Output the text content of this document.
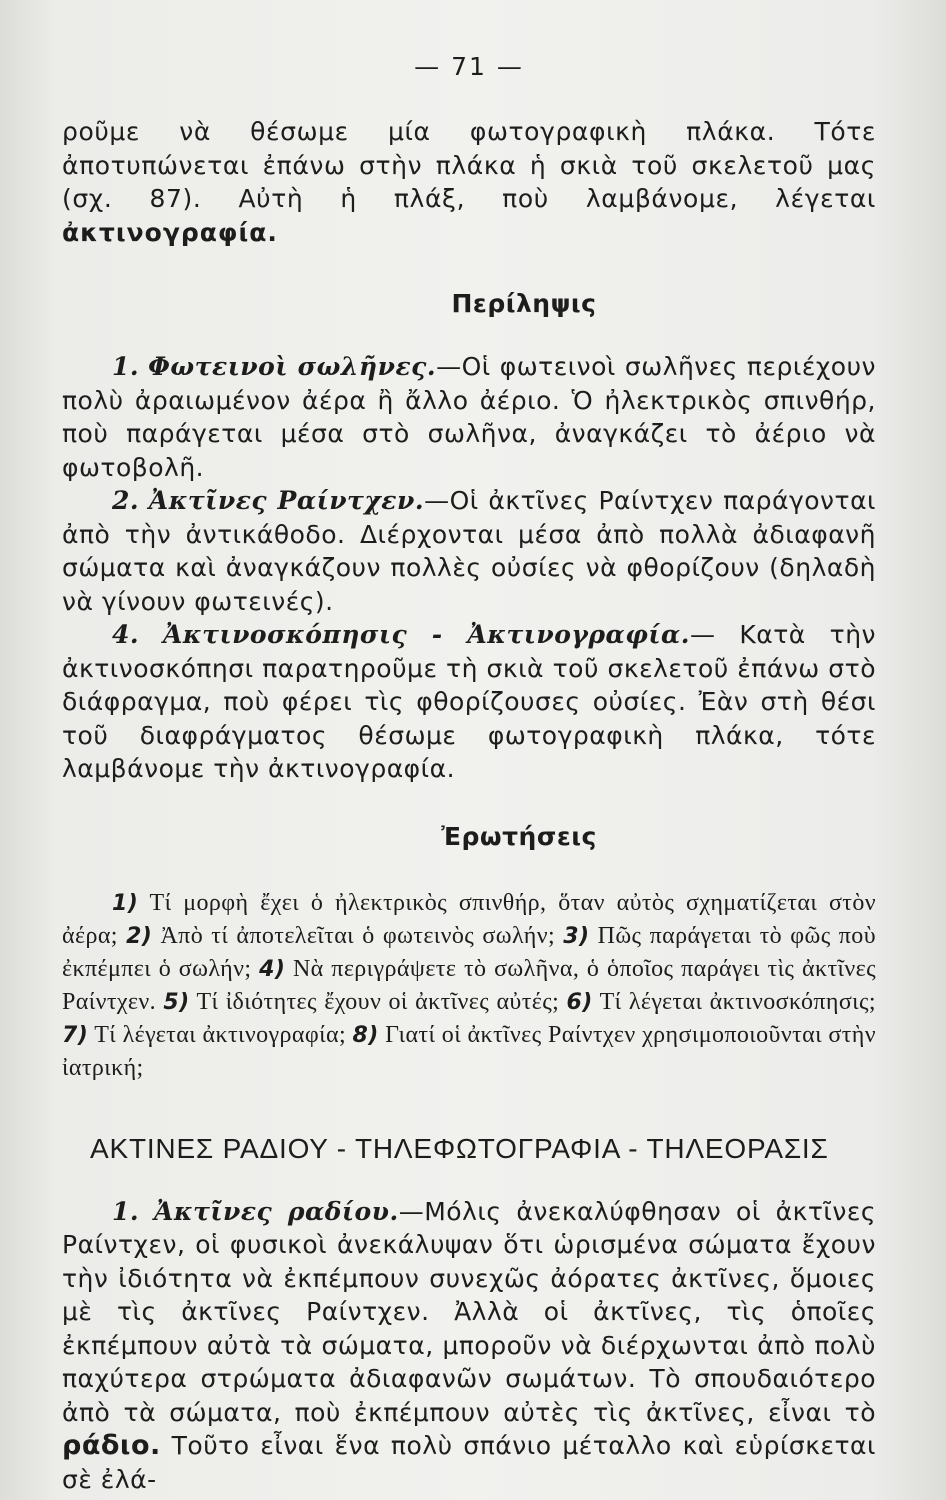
— 71 —

ροῦμε νὰ θέσωμε μία φωτογραφικὴ πλάκα. Τότε ἀποτυπώνεται ἐπάνω στὴν πλάκα ἡ σκιὰ τοῦ σκελετοῦ μας (σχ. 87). Αὐτὴ ἡ πλάξ, ποὺ λαμβάνομε, λέγεται ἀκτινογραφία.

Περίληψις

1. Φωτεινοὶ σωλῆνες.—Οἱ φωτεινοὶ σωλῆνες περιέχουν πολὺ ἀραιωμένον ἀέρα ἢ ἄλλο ἀέριο. Ὁ ἠλεκτρικὸς σπινθήρ, ποὺ παράγεται μέσα στὸ σωλῆνα, ἀναγκάζει τὸ ἀέριο νὰ φωτοβολῆ.

2. Ἀκτῖνες Ραίντχεν.—Οἱ ἀκτῖνες Ραίντχεν παράγονται ἀπὸ τὴν ἀντικάθοδο. Διέρχονται μέσα ἀπὸ πολλὰ ἀδιαφανῆ σώματα καὶ ἀναγκάζουν πολλὲς οὐσίες νὰ φθορίζουν (δηλαδὴ νὰ γίνουν φωτεινές).

4. Ἀκτινοσκόπησις - Ἀκτινογραφία.— Κατὰ τὴν ἀκτινοσκόπησι παρατηροῦμε τὴ σκιὰ τοῦ σκελετοῦ ἐπάνω στὸ διάφραγμα, ποὺ φέρει τὶς φθορίζουσες οὐσίες. Ἐὰν στὴ θέσι τοῦ διαφράγματος θέσωμε φωτογραφικὴ πλάκα, τότε λαμβάνομε τὴν ἀκτινογραφία.

Ἐρωτήσεις

1) Τί μορφὴ ἔχει ὁ ἠλεκτρικὸς σπινθήρ, ὅταν αὐτὸς σχηματίζεται στὸν ἀέρα; 2) Ἀπὸ τί ἀποτελεῖται ὁ φωτεινὸς σωλήν; 3) Πῶς παράγεται τὸ φῶς ποὺ ἐκπέμπει ὁ σωλήν; 4) Νὰ περιγράψετε τὸ σωλῆνα, ὁ ὁποῖος παράγει τὶς ἀκτῖνες Ραίντχεν. 5) Τί ἰδιότητες ἔχουν οἱ ἀκτῖνες αὐτές; 6) Τί λέγεται ἀκτινοσκόπησις; 7) Τί λέγεται ἀκτινογραφία; 8) Γιατί οἱ ἀκτῖνες Ραίντχεν χρησιμοποιοῦνται στὴν ἰατρική;

ΑΚΤΙΝΕΣ ΡΑΔΙΟΥ - ΤΗΛΕΦΩΤΟΓΡΑΦΙΑ - ΤΗΛΕΟΡΑΣΙΣ

1. Ἀκτῖνες ραδίου.—Μόλις ἀνεκαλύφθησαν οἱ ἀκτῖνες Ραίντχεν, οἱ φυσικοὶ ἀνεκάλυψαν ὅτι ὡρισμένα σώματα ἔχουν τὴν ἰδιότητα νὰ ἐκπέμπουν συνεχῶς ἀόρατες ἀκτῖνες, ὅμοιες μὲ τὶς ἀκτῖνες Ραίντχεν. Ἀλλὰ οἱ ἀκτῖνες, τὶς ὁποῖες ἐκπέμπουν αὐτὰ τὰ σώματα, μποροῦν νὰ διέρχωνται ἀπὸ πολὺ παχύτερα στρώματα ἀδιαφανῶν σωμάτων. Τὸ σπουδαιότερο ἀπὸ τὰ σώματα, ποὺ ἐκπέμπουν αὐτὲς τὶς ἀκτῖνες, εἶναι τὸ ράδιο. Τοῦτο εἶναι ἕνα πολὺ σπάνιο μέταλλο καὶ εὑρίσκεται σὲ ἐλά-
